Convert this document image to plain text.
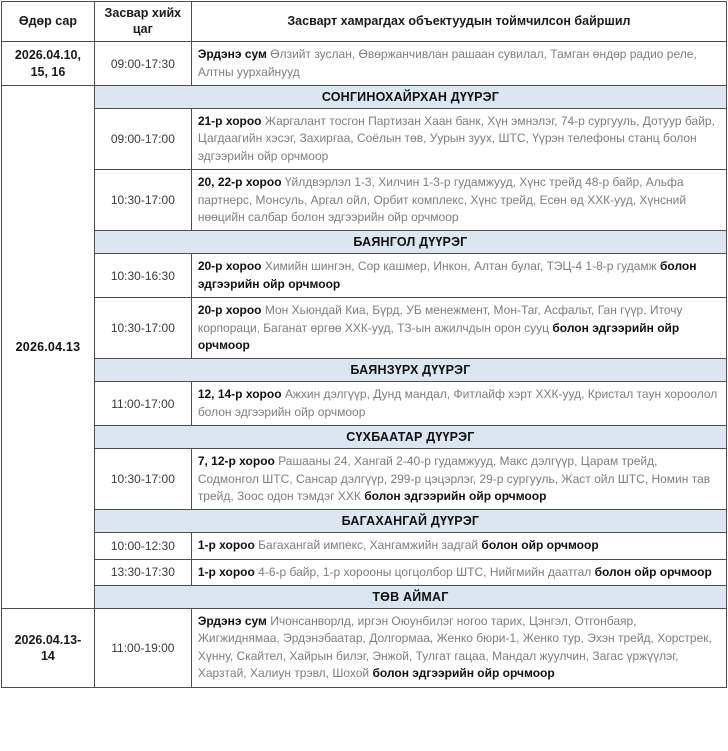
Өдөр сар	Засвар хийх цаг	Засварт хамрагдах объектуудын тоймчилсон байршил
2026.04.10, 15, 16	09:00-17:30	Эрдэнэ сум Өлзийт зуслан, Өвөржанчивлан рашаан сувилал, Тамган өндөр радио реле, Алтны уурхайнууд
2026.04.13	СОНГИНОХАЙРХАН ДҮҮРЭГ	
	09:00-17:00	21-р хороо Жаргалант тосгон Партизан Хаан банк, Хүн эмнэлэг, 74-р сургууль, Дотуур байр, Цагдаагийн хэсэг, Захиргаа, Соёлын төв, Уурын зуух, ШТС, Үүрэн телефоны станц болон эдгээрийн ойр орчмоор
	10:30-17:00	20, 22-р хороо Үйлдвэрлэл 1-3, Хилчин 1-3-р гудамжууд, Хүнс трейд 48-р байр, Альфа партнерс, Монсуль, Аргал ойл, Орбит комплекс, Хүнс трейд, Есөн өд ХХК-ууд, Хүнсний нөөцийн салбар болон эдгээрийн ойр орчмоор
	БАЯНГОЛ ДҮҮРЭГ	
	10:30-16:30	20-р хороо Химийн шингэн, Сор кашмер, Инкон, Алтан булаг, ТЭЦ-4 1-8-р гудамж болон эдгээрийн ойр орчмоор
	10:30-17:00	20-р хороо Мон Хьюндай Киа, Бүрд, УБ менежмент, Мон-Таг, Асфальт, Ган гүүр, Иточу корпораци, Баганат өргөө ХХК-ууд, ТЗ-ын ажилчдын орон сууц болон эдгээрийн ойр орчмоор
	БАЯНЗҮРХ ДҮҮРЭГ	
	11:00-17:00	12, 14-р хороо Ажхин дэлгүүр, Дунд мандал, Фитлайф хэрт ХХК-ууд, Кристал таун хороолол болон эдгээрийн ойр орчмоор
	СҮХБААТАР ДҮҮРЭГ	
	10:30-17:00	7, 12-р хороо Рашааны 24, Хангай 2-40-р гудамжууд, Макс дэлгүүр, Царам трейд, Содмонгол ШТС, Сансар дэлгүүр, 299-р цэцэрлэг, 29-р сургууль, Жаст ойл ШТС, Номин тав трейд, Зоос одон тэмдэг ХХК болон эдгээрийн ойр орчмоор
	БАГАХАНГАЙ ДҮҮРЭГ	
	10:00-12:30	1-р хороо Багахангай импекс, Хангамжийн задгай болон ойр орчмоор
	13:30-17:30	1-р хороо 4-6-р байр, 1-р хорооны цогцолбор ШТС, Нийгмийн даатгал болон ойр орчмоор
	ТӨВ АЙМАГ	
2026.04.13-14	11:00-19:00	Эрдэнэ сум Ичонсанворлд, иргэн Оюунбилэг ногоо тарих, Цэнгэл, Отгонбаяр, Жигжиднямаа, Эрдэнэбаатар, Долгормаа, Женко бюри-1, Женко тур, Эхэн трейд, Хорстрек, Хүнну, Скайтел, Хайрын билэг, Энжой, Тулгат гацаа, Мандал жуулчин, Загас үржүүлэг, Харзтай, Халиун трэвл, Шохой болон эдгээрийн ойр орчмоор
